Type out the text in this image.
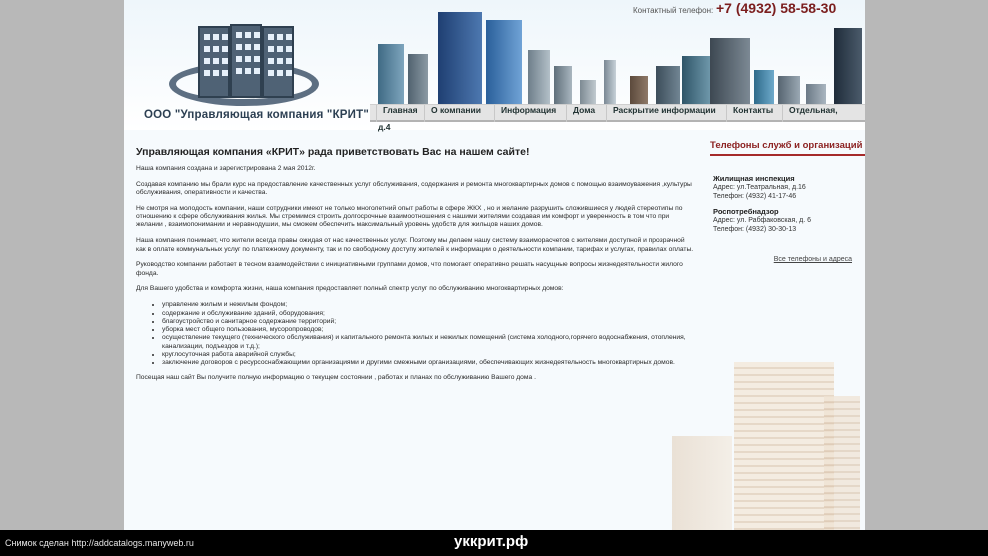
ООО "Управляющая компания "КРИТ"
Контактный телефон: +7 (4932) 58-58-30
Главная	О компании	Информация	Дома	Раскрытие информации	Контакты	Отдельная,
д.4
Управляющая компания «КРИТ» рада приветствовать Вас на нашем сайте!

Наша компания создана и зарегистрирована 2 мая 2012г.

Создавая компанию мы брали курс на предоставление качественных услуг обслуживания, содержания и ремонта многоквартирных домов с помощью взаимоуважения ,культуры обслуживания, оперативности и качества.

Не смотря на молодость компании, наши сотрудники имеют не только многолетний опыт работы в сфере ЖКХ , но и желание разрушить сложившиеся у людей стереотипы по отношению к сфере обслуживания жилья. Мы стремимся строить долгосрочные взаимоотношения с нашими жителями создавая им комфорт и уверенность в том что при желании , взаимопонимании и неравнодушии, мы сможем обеспечить максимальный уровень удобств для жильцов наших домов.

Наша компания понимает, что жители всегда правы ожидая от нас качественных услуг. Поэтому мы делаем нашу систему взаиморасчетов с жителями доступной и прозрачной как в оплате коммунальных услуг по платежному документу, так и по свободному доступу жителей к информации о деятельности компании, тарифах и услугах, правилах оплаты.

Руководство компании работает в тесном взаимодействии с инициативными группами домов, что помогает оперативно решать насущные вопросы жизнедеятельности жилого фонда.

Для Вашего удобства и комфорта жизни, наша компания предоставляет полный спектр услуг по обслуживанию многоквартирных домов:

• управление жилым и нежилым фондом;
• содержание и обслуживание зданий, оборудования;
• благоустройство и санитарное содержание территорий;
• уборка мест общего пользования, мусоропроводов;
• осуществление текущего (технического обслуживания) и капитального ремонта жилых и нежилых помещений (система холодного,горячего водоснабжения, отопления, канализации, подъездов и т.д.);
• круглосуточная работа аварийной службы;
• заключение договоров с ресурсоснабжающими организациями и другими смежными организациями, обеспечивающих жизнедеятельность многоквартирных домов.

Посещая наш сайт Вы получите полную информацию о текущем состоянии , работах и планах по обслуживанию Вашего дома .

Телефоны служб и организаций
Жилищная инспекция
Адрес: ул.Театральная, д.16
Телефон: (4932) 41-17-46
Роспотребнадзор
Адрес: ул. Рабфаковская, д. 6
Телефон: (4932) 30-30-13
Все телефоны и адреса
Снимок сделан http://addcatalogs.manyweb.ru	уккрит.рф
